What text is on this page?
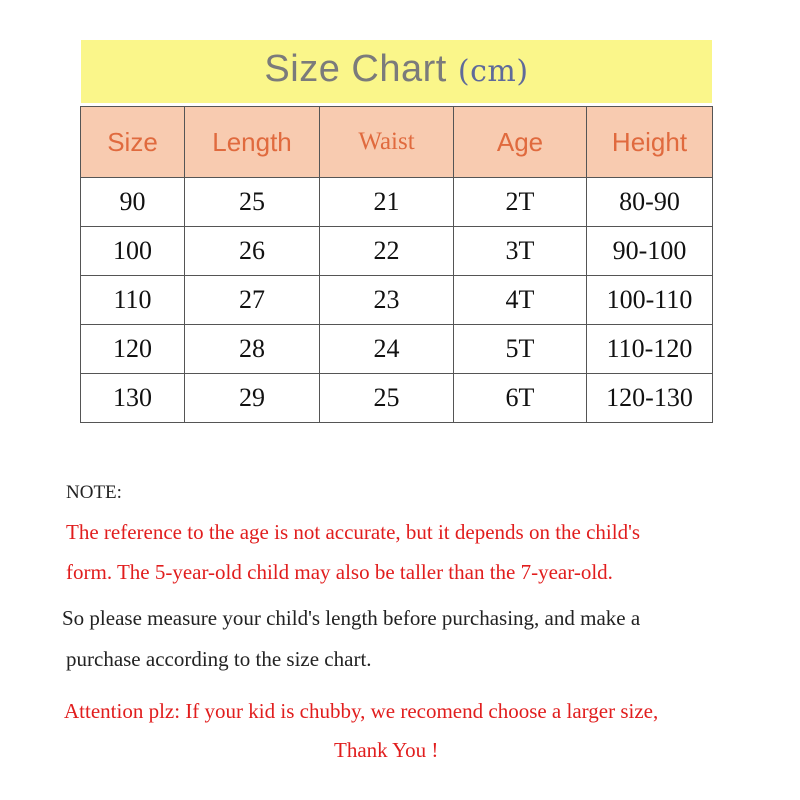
Size Chart (cm)
Size	Length	Waist	Age	Height
90	25	21	2T	80-90
100	26	22	3T	90-100
110	27	23	4T	100-110
120	28	24	5T	110-120
130	29	25	6T	120-130
NOTE:
The reference to the age is not accurate, but it depends on the child's
form. The 5-year-old child may also be taller than the 7-year-old.
So please measure your child's length before purchasing, and make a
purchase according to the size chart.
Attention plz: If your kid is chubby, we recomend choose a larger size,
Thank You !
